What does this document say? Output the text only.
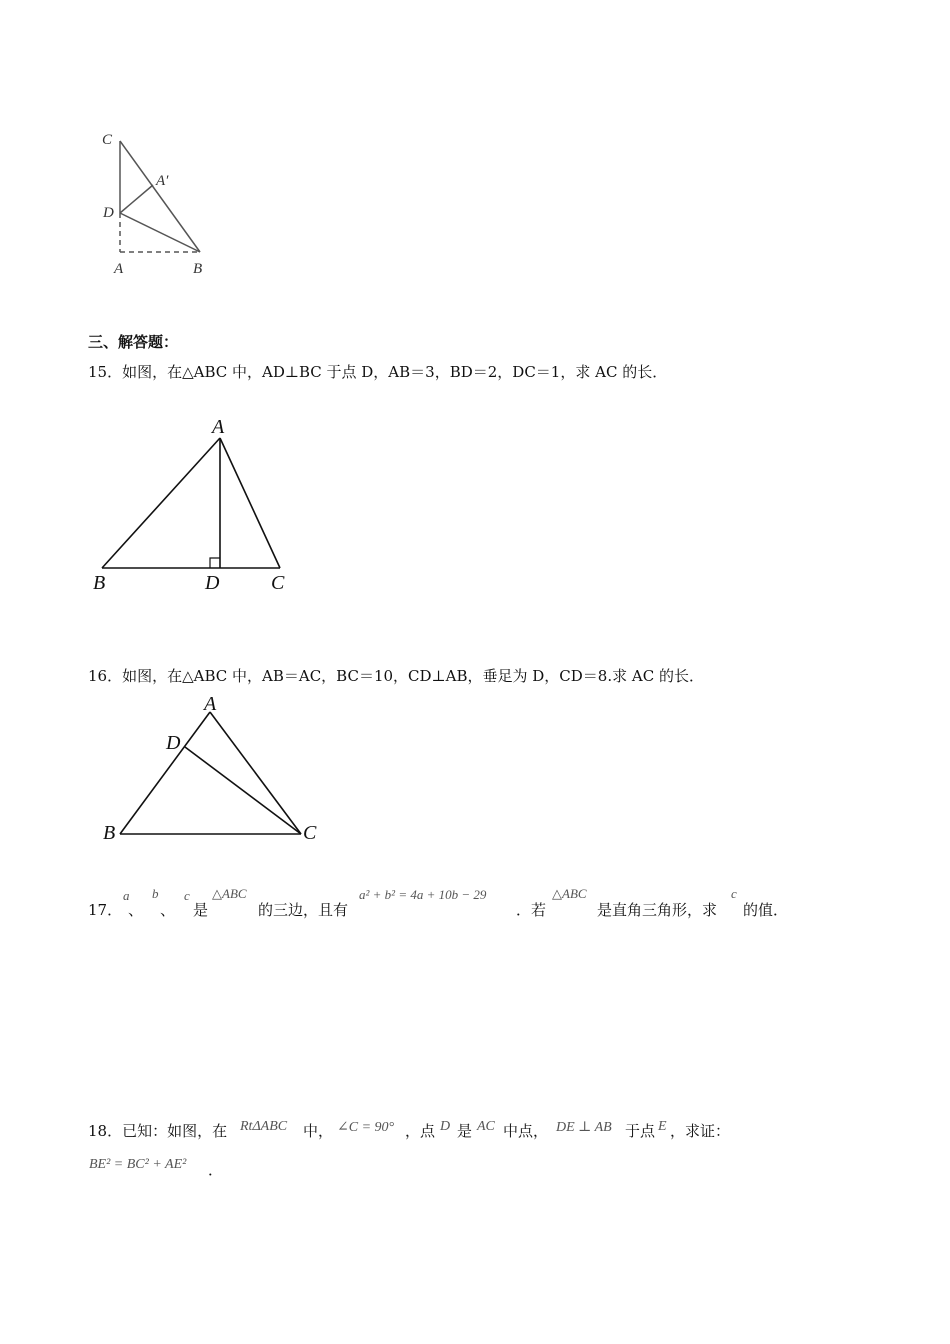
C
A′
D
A	B
三、解答题：
15．如图，在△ABC 中，AD⊥BC 于点 D，AB＝3，BD＝2，DC＝1，求 AC 的长．
A
B	D	C
16．如图，在△ABC 中，AB＝AC，BC＝10，CD⊥AB，垂足为 D，CD＝8.求 AC 的长．
A
D
B	C
17．
a
、
b
、
c
是
△ABC
的三边，且有
a² + b² = 4a + 10b − 29
．若
△ABC
是直角三角形，求
c
的值．
18．已知：如图，在 RtΔABC 中， ∠C = 90° ，点 D 是 AC 中点， DE ⊥ AB 于点 E ，求证：
BE² = BC² + AE² ．
